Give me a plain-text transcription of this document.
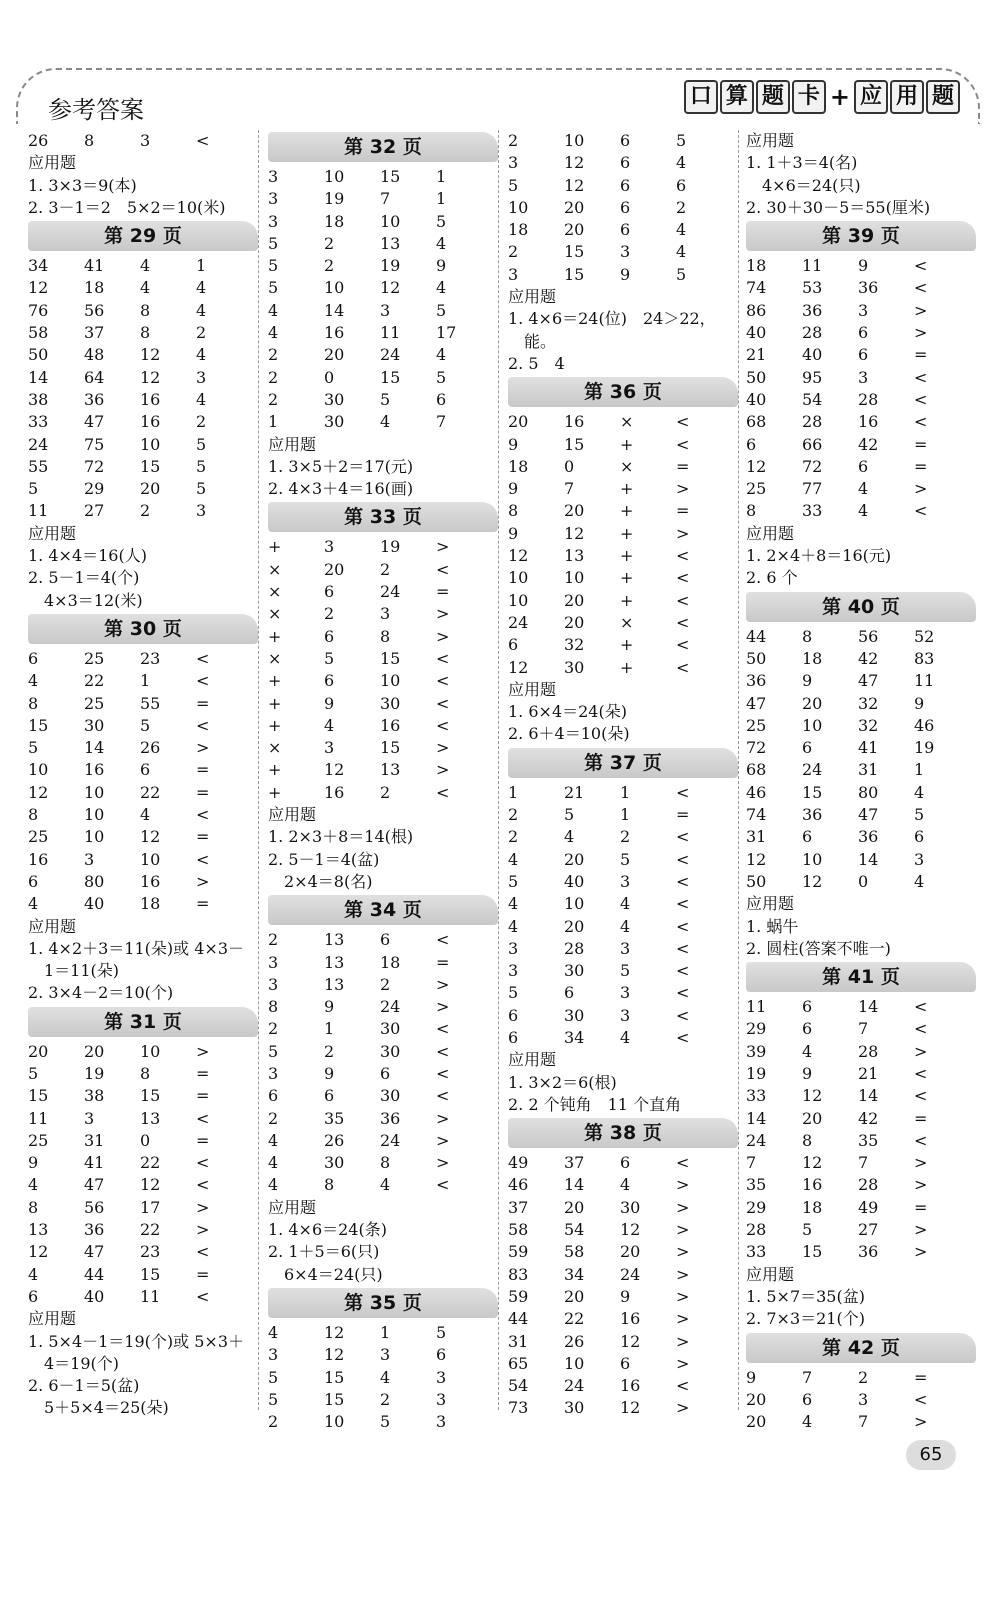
参考答案	口 算 题 卡 + 应 用 题
26	8	3	<
应用题
1. 3×3＝9(本)
2. 3－1＝2　5×2＝10(米)
第 29 页
34	41	4	1
12	18	4	4
76	56	8	4
58	37	8	2
50	48	12	4
14	64	12	3
38	36	16	4
33	47	16	2
24	75	10	5
55	72	15	5
5	29	20	5
11	27	2	3
应用题
1. 4×4＝16(人)
2. 5－1＝4(个)
　4×3＝12(米)
第 30 页
6	25	23	<
4	22	1	<
8	25	55	=
15	30	5	<
5	14	26	>
10	16	6	=
12	10	22	=
8	10	4	<
25	10	12	=
16	3	10	<
6	80	16	>
4	40	18	=
应用题
1. 4×2＋3＝11(朵)或 4×3－
　1＝11(朵)
2. 3×4－2＝10(个)
第 31 页
20	20	10	>
5	19	8	=
15	38	15	=
11	3	13	<
25	31	0	=
9	41	22	<
4	47	12	<
8	56	17	>
13	36	22	>
12	47	23	<
4	44	15	=
6	40	11	<
应用题
1. 5×4－1＝19(个)或 5×3＋
　4＝19(个)
2. 6－1＝5(盆)
　5＋5×4＝25(朵)
第 32 页
3	10	15	1
3	19	7	1
3	18	10	5
5	2	13	4
5	2	19	9
5	10	12	4
4	14	3	5
4	16	11	17
2	20	24	4
2	0	15	5
2	30	5	6
1	30	4	7
应用题
1. 3×5＋2＝17(元)
2. 4×3＋4＝16(画)
第 33 页
+	3	19	>
×	20	2	<
×	6	24	=
×	2	3	>
+	6	8	>
×	5	15	<
+	6	10	<
+	9	30	<
+	4	16	<
×	3	15	>
+	12	13	>
+	16	2	<
应用题
1. 2×3＋8＝14(根)
2. 5－1＝4(盆)
　2×4＝8(名)
第 34 页
2	13	6	<
3	13	18	=
3	13	2	>
8	9	24	>
2	1	30	<
5	2	30	<
3	9	6	<
6	6	30	<
2	35	36	>
4	26	24	>
4	30	8	>
4	8	4	<
应用题
1. 4×6＝24(条)
2. 1＋5＝6(只)
　6×4＝24(只)
第 35 页
4	12	1	5
3	12	3	6
5	15	4	3
5	15	2	3
2	10	5	3
2	10	6	5
3	12	6	4
5	12	6	6
10	20	6	2
18	20	6	4
2	15	3	4
3	15	9	5
应用题
1. 4×6＝24(位)　24＞22，
　能。
2. 5　4
第 36 页
20	16	×	<
9	15	+	<
18	0	×	=
9	7	+	>
8	20	+	=
9	12	+	>
12	13	+	<
10	10	+	<
10	20	+	<
24	20	×	<
6	32	+	<
12	30	+	<
应用题
1. 6×4＝24(朵)
2. 6＋4＝10(朵)
第 37 页
1	21	1	<
2	5	1	=
2	4	2	<
4	20	5	<
5	40	3	<
4	10	4	<
4	20	4	<
3	28	3	<
3	30	5	<
5	6	3	<
6	30	3	<
6	34	4	<
应用题
1. 3×2＝6(根)
2. 2 个钝角　11 个直角
第 38 页
49	37	6	<
46	14	4	>
37	20	30	>
58	54	12	>
59	58	20	>
83	34	24	>
59	20	9	>
44	22	16	>
31	26	12	>
65	10	6	>
54	24	16	<
73	30	12	>
应用题
1. 1＋3＝4(名)
　4×6＝24(只)
2. 30＋30－5＝55(厘米)
第 39 页
18	11	9	<
74	53	36	<
86	36	3	>
40	28	6	>
21	40	6	=
50	95	3	<
40	54	28	<
68	28	16	<
6	66	42	=
12	72	6	=
25	77	4	>
8	33	4	<
应用题
1. 2×4＋8＝16(元)
2. 6 个
第 40 页
44	8	56	52
50	18	42	83
36	9	47	11
47	20	32	9
25	10	32	46
72	6	41	19
68	24	31	1
46	15	80	4
74	36	47	5
31	6	36	6
12	10	14	3
50	12	0	4
应用题
1. 蜗牛
2. 圆柱(答案不唯一)
第 41 页
11	6	14	<
29	6	7	<
39	4	28	>
19	9	21	<
33	12	14	<
14	20	42	=
24	8	35	<
7	12	7	>
35	16	28	>
29	18	49	=
28	5	27	>
33	15	36	>
应用题
1. 5×7＝35(盆)
2. 7×3＝21(个)
第 42 页
9	7	2	=
20	6	3	<
20	4	7	>
65
